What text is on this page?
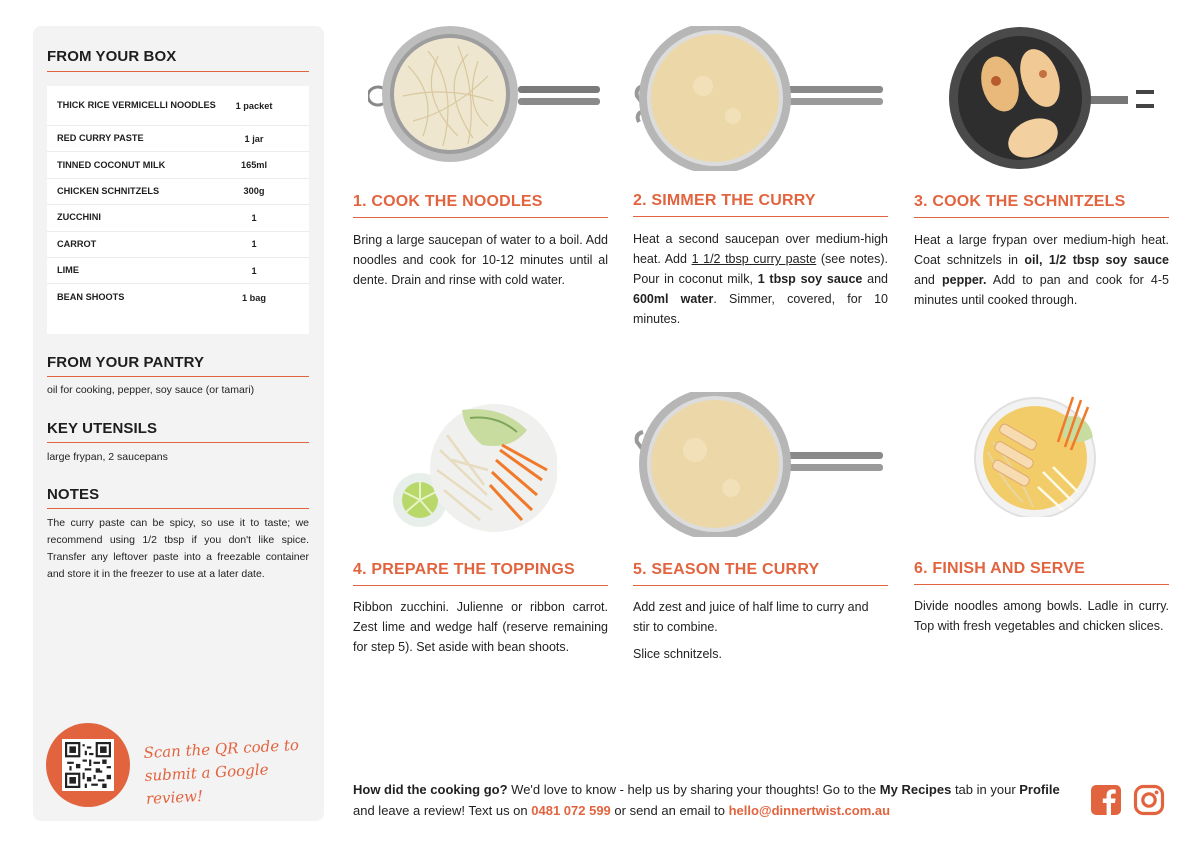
FROM YOUR BOX
THICK RICE VERMICELLI NOODLES	1 packet
RED CURRY PASTE	1 jar
TINNED COCONUT MILK	165ml
CHICKEN SCHNITZELS	300g
ZUCCHINI	1
CARROT	1
LIME	1
BEAN SHOOTS	1 bag
FROM YOUR PANTRY
oil for cooking, pepper, soy sauce (or tamari)
KEY UTENSILS
large frypan, 2 saucepans
NOTES
The curry paste can be spicy, so use it to taste; we recommend using 1/2 tbsp if you don't like spice. Transfer any leftover paste into a freezable container and store it in the freezer to use at a later date.
Scan the QR code to submit a Google review!
1. COOK THE NOODLES
Bring a large saucepan of water to a boil. Add noodles and cook for 10-12 minutes until al dente. Drain and rinse with cold water.
2. SIMMER THE CURRY
Heat a second saucepan over medium-high heat. Add 1 1/2 tbsp curry paste (see notes). Pour in coconut milk, 1 tbsp soy sauce and 600ml water. Simmer, covered, for 10 minutes.
3. COOK THE SCHNITZELS
Heat a large frypan over medium-high heat. Coat schnitzels in oil, 1/2 tbsp soy sauce and pepper. Add to pan and cook for 4-5 minutes until cooked through.
4. PREPARE THE TOPPINGS
Ribbon zucchini. Julienne or ribbon carrot. Zest lime and wedge half (reserve remaining for step 5). Set aside with bean shoots.
5. SEASON THE CURRY

Add zest and juice of half lime to curry and stir to combine.

Slice schnitzels.

6. FINISH AND SERVE
Divide noodles among bowls. Ladle in curry. Top with fresh vegetables and chicken slices.
How did the cooking go? We'd love to know - help us by sharing your thoughts! Go to the My Recipes tab in your Profile and leave a review! Text us on 0481 072 599 or send an email to hello@dinnertwist.com.au
